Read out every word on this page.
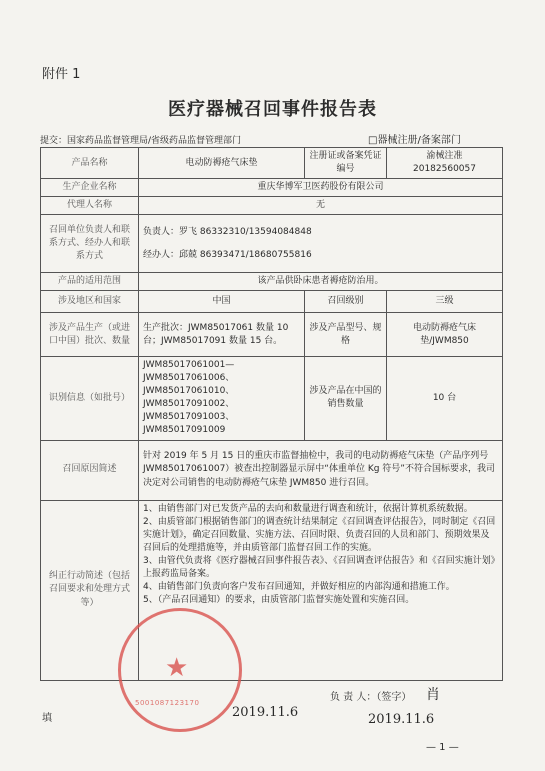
附件 1
医疗器械召回事件报告表
提交：国家药品监督管理局/省级药品监督管理部门	□器械注册/备案部门
产品名称	电动防褥疮气床垫	注册证或备案凭证编号	渝械注准
20182560057

生产企业名称	重庆华博军卫医药股份有限公司		
代理人名称	无		
召回单位负责人和联系方式、经办人和联系方式	负责人：罗飞 86332310/13594084848
经办人：邱兢 86393471/18680755816		

产品的适用范围	该产品供卧床患者褥疮防治用。		
涉及地区和国家	中国	召回级别	三级
涉及产品生产（或进口中国）批次、数量	生产批次：JWM85017061 数量 10 台；JWM85017091 数量 15 台。	涉及产品型号、规格	电动防褥疮气床垫/JWM850
识别信息（如批号）	JWM85017061001—JWM85017061006、JWM85017061010、JWM85017091002、JWM85017091003、JWM85017091009	涉及产品在中国的销售数量	10 台
召回原因简述	针对 2019 年 5 月 15 日的重庆市监督抽检中，我司的电动防褥疮气床垫（产品序列号 JWM85017061007）被查出控制器显示屏中“体重单位 Kg 符号”不符合国标要求，我司决定对公司销售的电动防褥疮气床垫 JWM850 进行召回。		
纠正行动简述（包括召回要求和处理方式等）	1、由销售部门对已发货产品的去向和数量进行调查和统计，依据计算机系统数据。
2、由质管部门根据销售部门的调查统计结果制定《召回调查评估报告》，同时制定《召回实施计划》，确定召回数量、实施方法、召回时限、负责召回的人员和部门、预期效果及召回后的处理措施等，并由质管部门监督召回工作的实施。
3、由管代负责将《医疗器械召回事件报告表》、《召回调查评估报告》和《召回实施计划》上报药监局备案。
4、由销售部门负责向客户发布召回通知，并做好相应的内部沟通和措施工作。
5、（产品召回通知）的要求，由质管部门监督实施处置和实施召回。		
★
5001087123170
填	2019.11.6
负 责 人：（签字） 肖
2019.11.6
— 1 —
